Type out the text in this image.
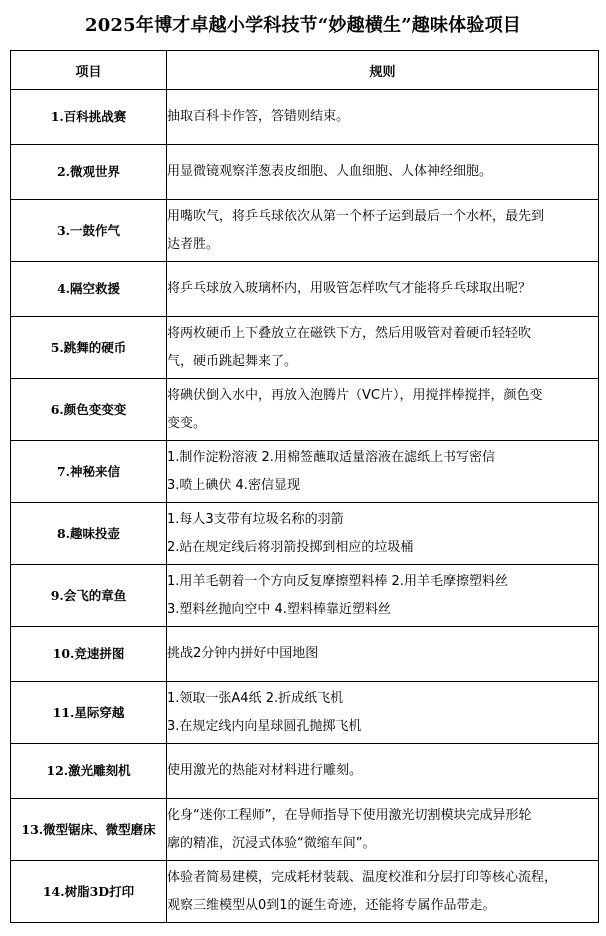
2025年博才卓越小学科技节“妙趣横生”趣味体验项目
项目	规则
1.百科挑战赛	抽取百科卡作答，答错则结束。

2.微观世界	用显微镜观察洋葱表皮细胞、人血细胞、人体神经细胞。

3.一鼓作气	用嘴吹气，将乒乓球依次从第一个杯子运到最后一个水杯，最先到
达者胜。

4.隔空救援	将乒乓球放入玻璃杯内，用吸管怎样吹气才能将乒乓球取出呢？

5.跳舞的硬币	将两枚硬币上下叠放立在磁铁下方，然后用吸管对着硬币轻轻吹
气，硬币跳起舞来了。

6.颜色变变变	将碘伏倒入水中，再放入泡腾片（VC片），用搅拌棒搅拌，颜色变
变变。

7.神秘来信	1.制作淀粉溶液 2.用棉签蘸取适量溶液在滤纸上书写密信
3.喷上碘伏 4.密信显现

8.趣味投壶	1.每人3支带有垃圾名称的羽箭
2.站在规定线后将羽箭投掷到相应的垃圾桶

9.会飞的章鱼	1.用羊毛朝着一个方向反复摩擦塑料棒 2.用羊毛摩擦塑料丝
3.塑料丝抛向空中 4.塑料棒靠近塑料丝

10.竞速拼图	挑战2分钟内拼好中国地图

11.星际穿越	1.领取一张A4纸 2.折成纸飞机
3.在规定线内向星球圆孔抛掷飞机

12.激光雕刻机	使用激光的热能对材料进行雕刻。

13.微型锯床、微型磨床	化身“迷你工程师”，在导师指导下使用激光切割模块完成异形轮
廓的精准，沉浸式体验“微缩车间”。

14.树脂3D打印	体验者简易建模，完成耗材装载、温度校准和分层打印等核心流程，
观察三维模型从0到1的诞生奇迹，还能将专属作品带走。
